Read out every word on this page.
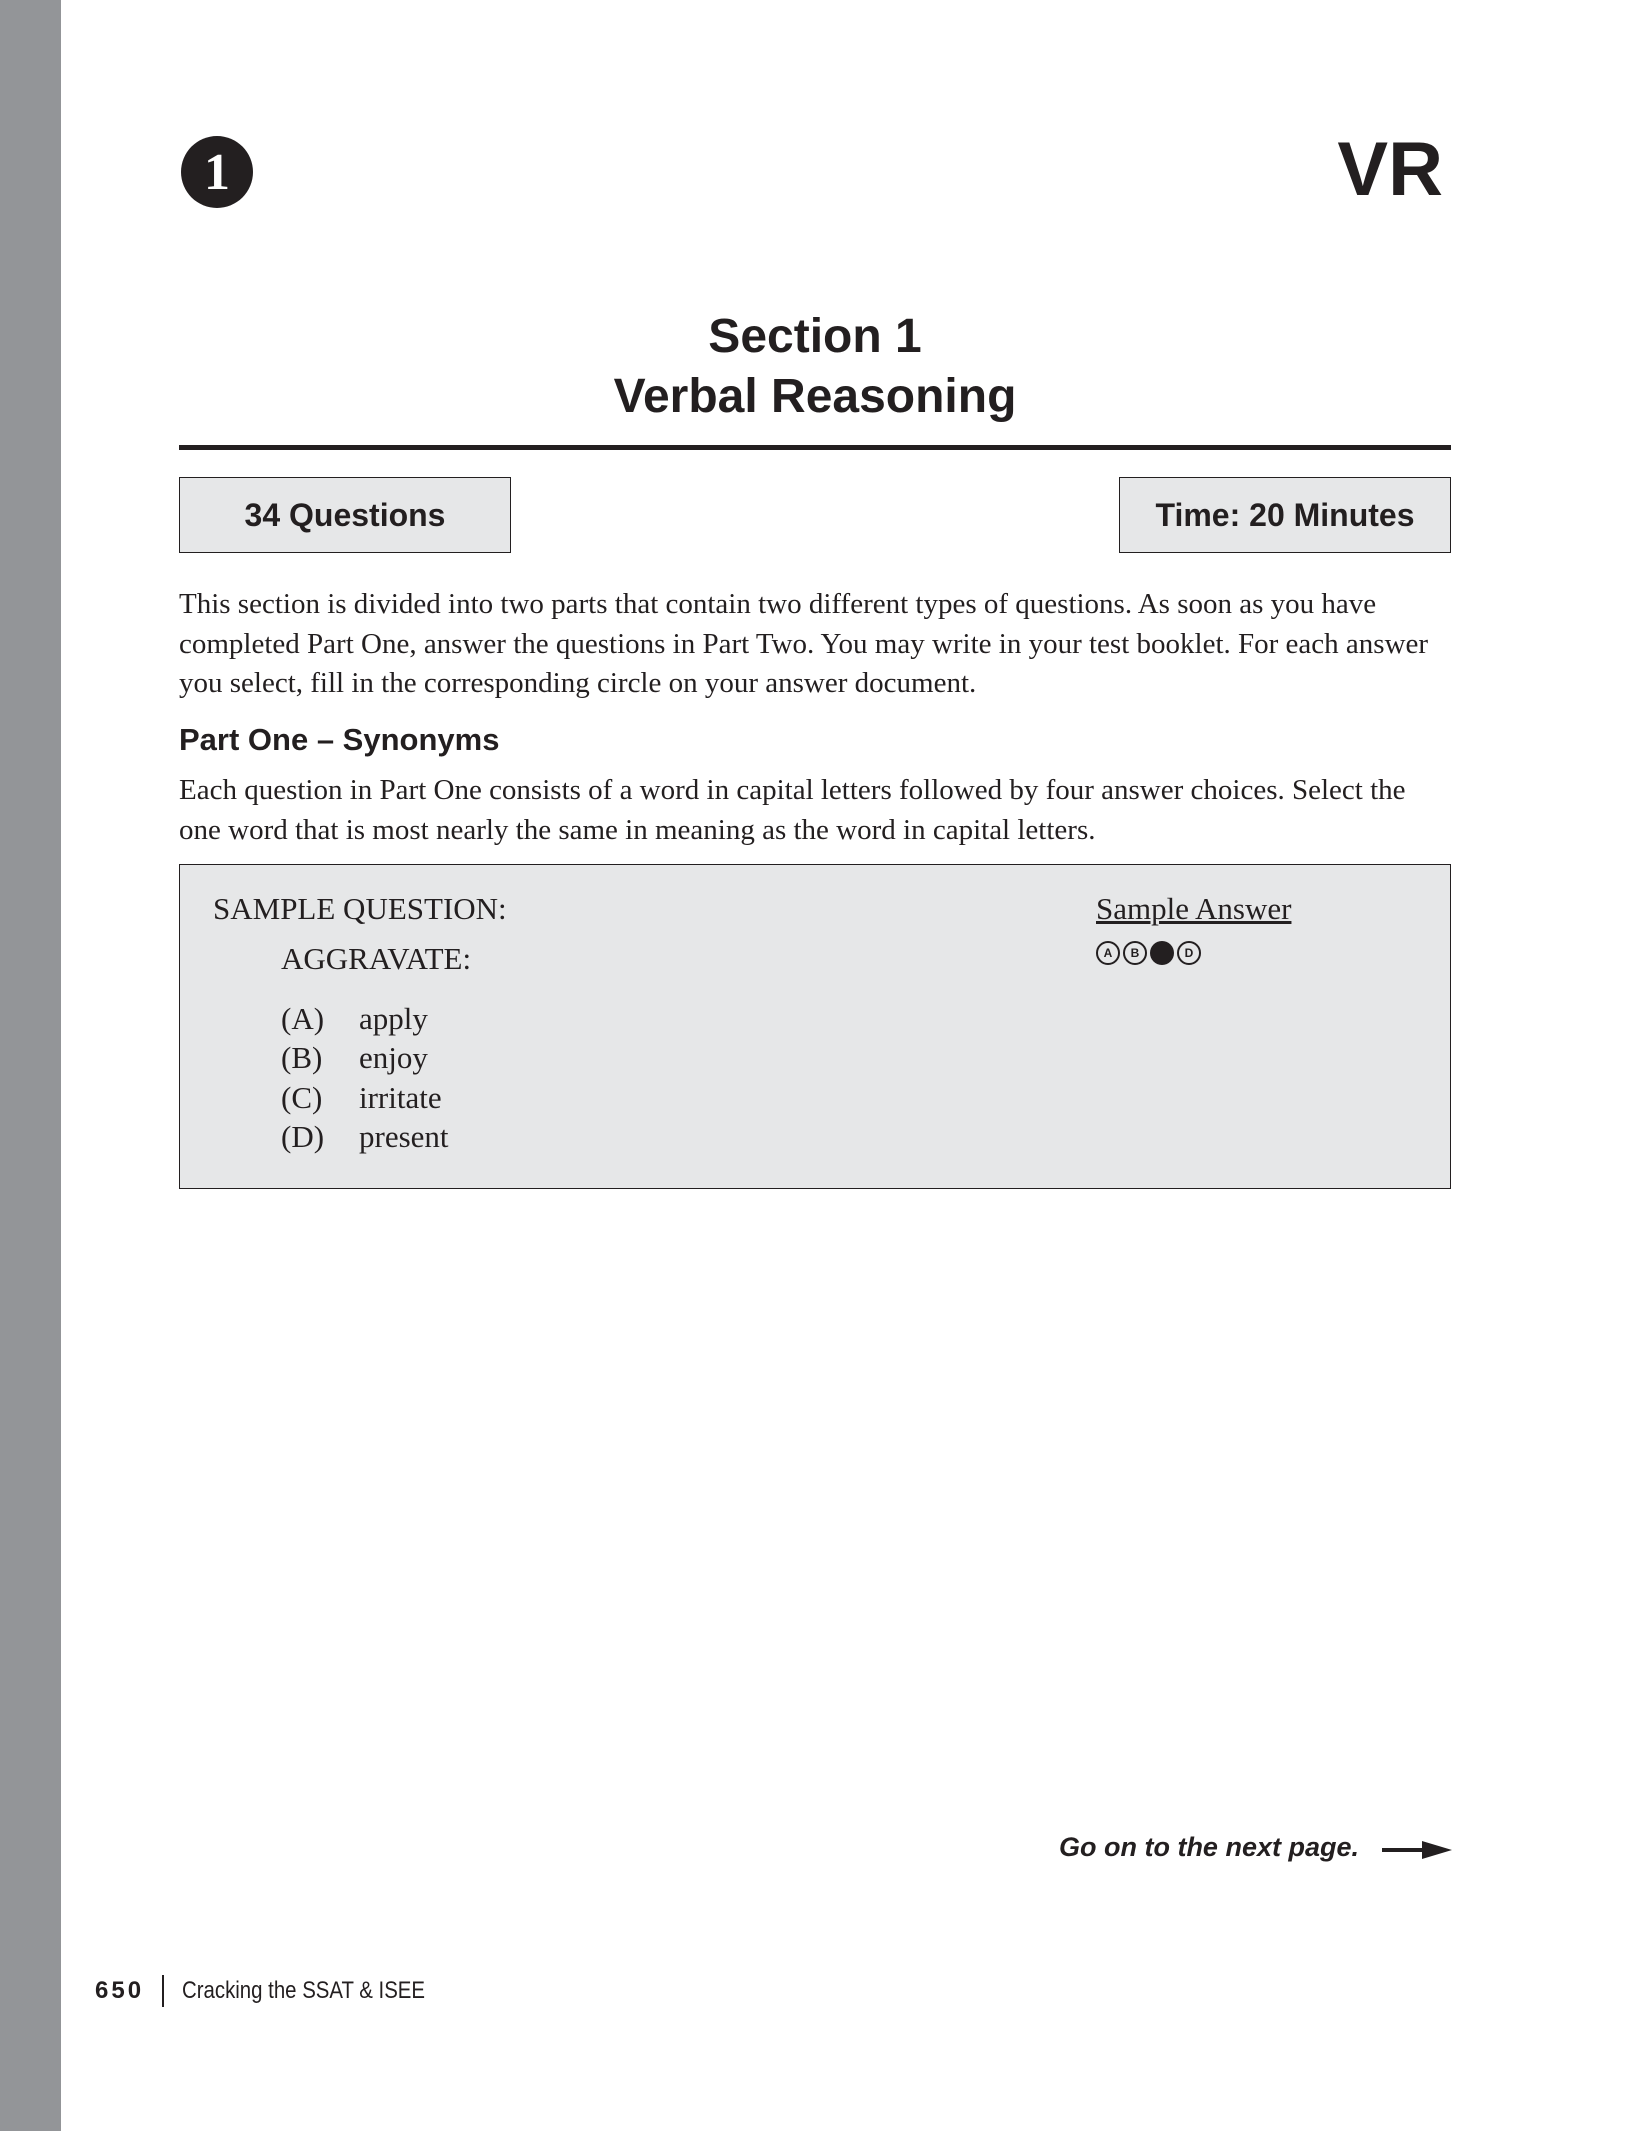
1	VR
Section 1
Verbal Reasoning
34 Questions	Time: 20 Minutes
This section is divided into two parts that contain two different types of questions. As soon as you have
completed Part One, answer the questions in Part Two. You may write in your test booklet. For each answer
you select, fill in the corresponding circle on your answer document.
Part One – Synonyms
Each question in Part One consists of a word in capital letters followed by four answer choices. Select the
one word that is most nearly the same in meaning as the word in capital letters.
SAMPLE QUESTION:
AGGRAVATE:
(A) apply
(B) enjoy
(C) irritate
(D) present
Sample Answer
A B	D
Go on to the next page.
650 Cracking the SSAT & ISEE
